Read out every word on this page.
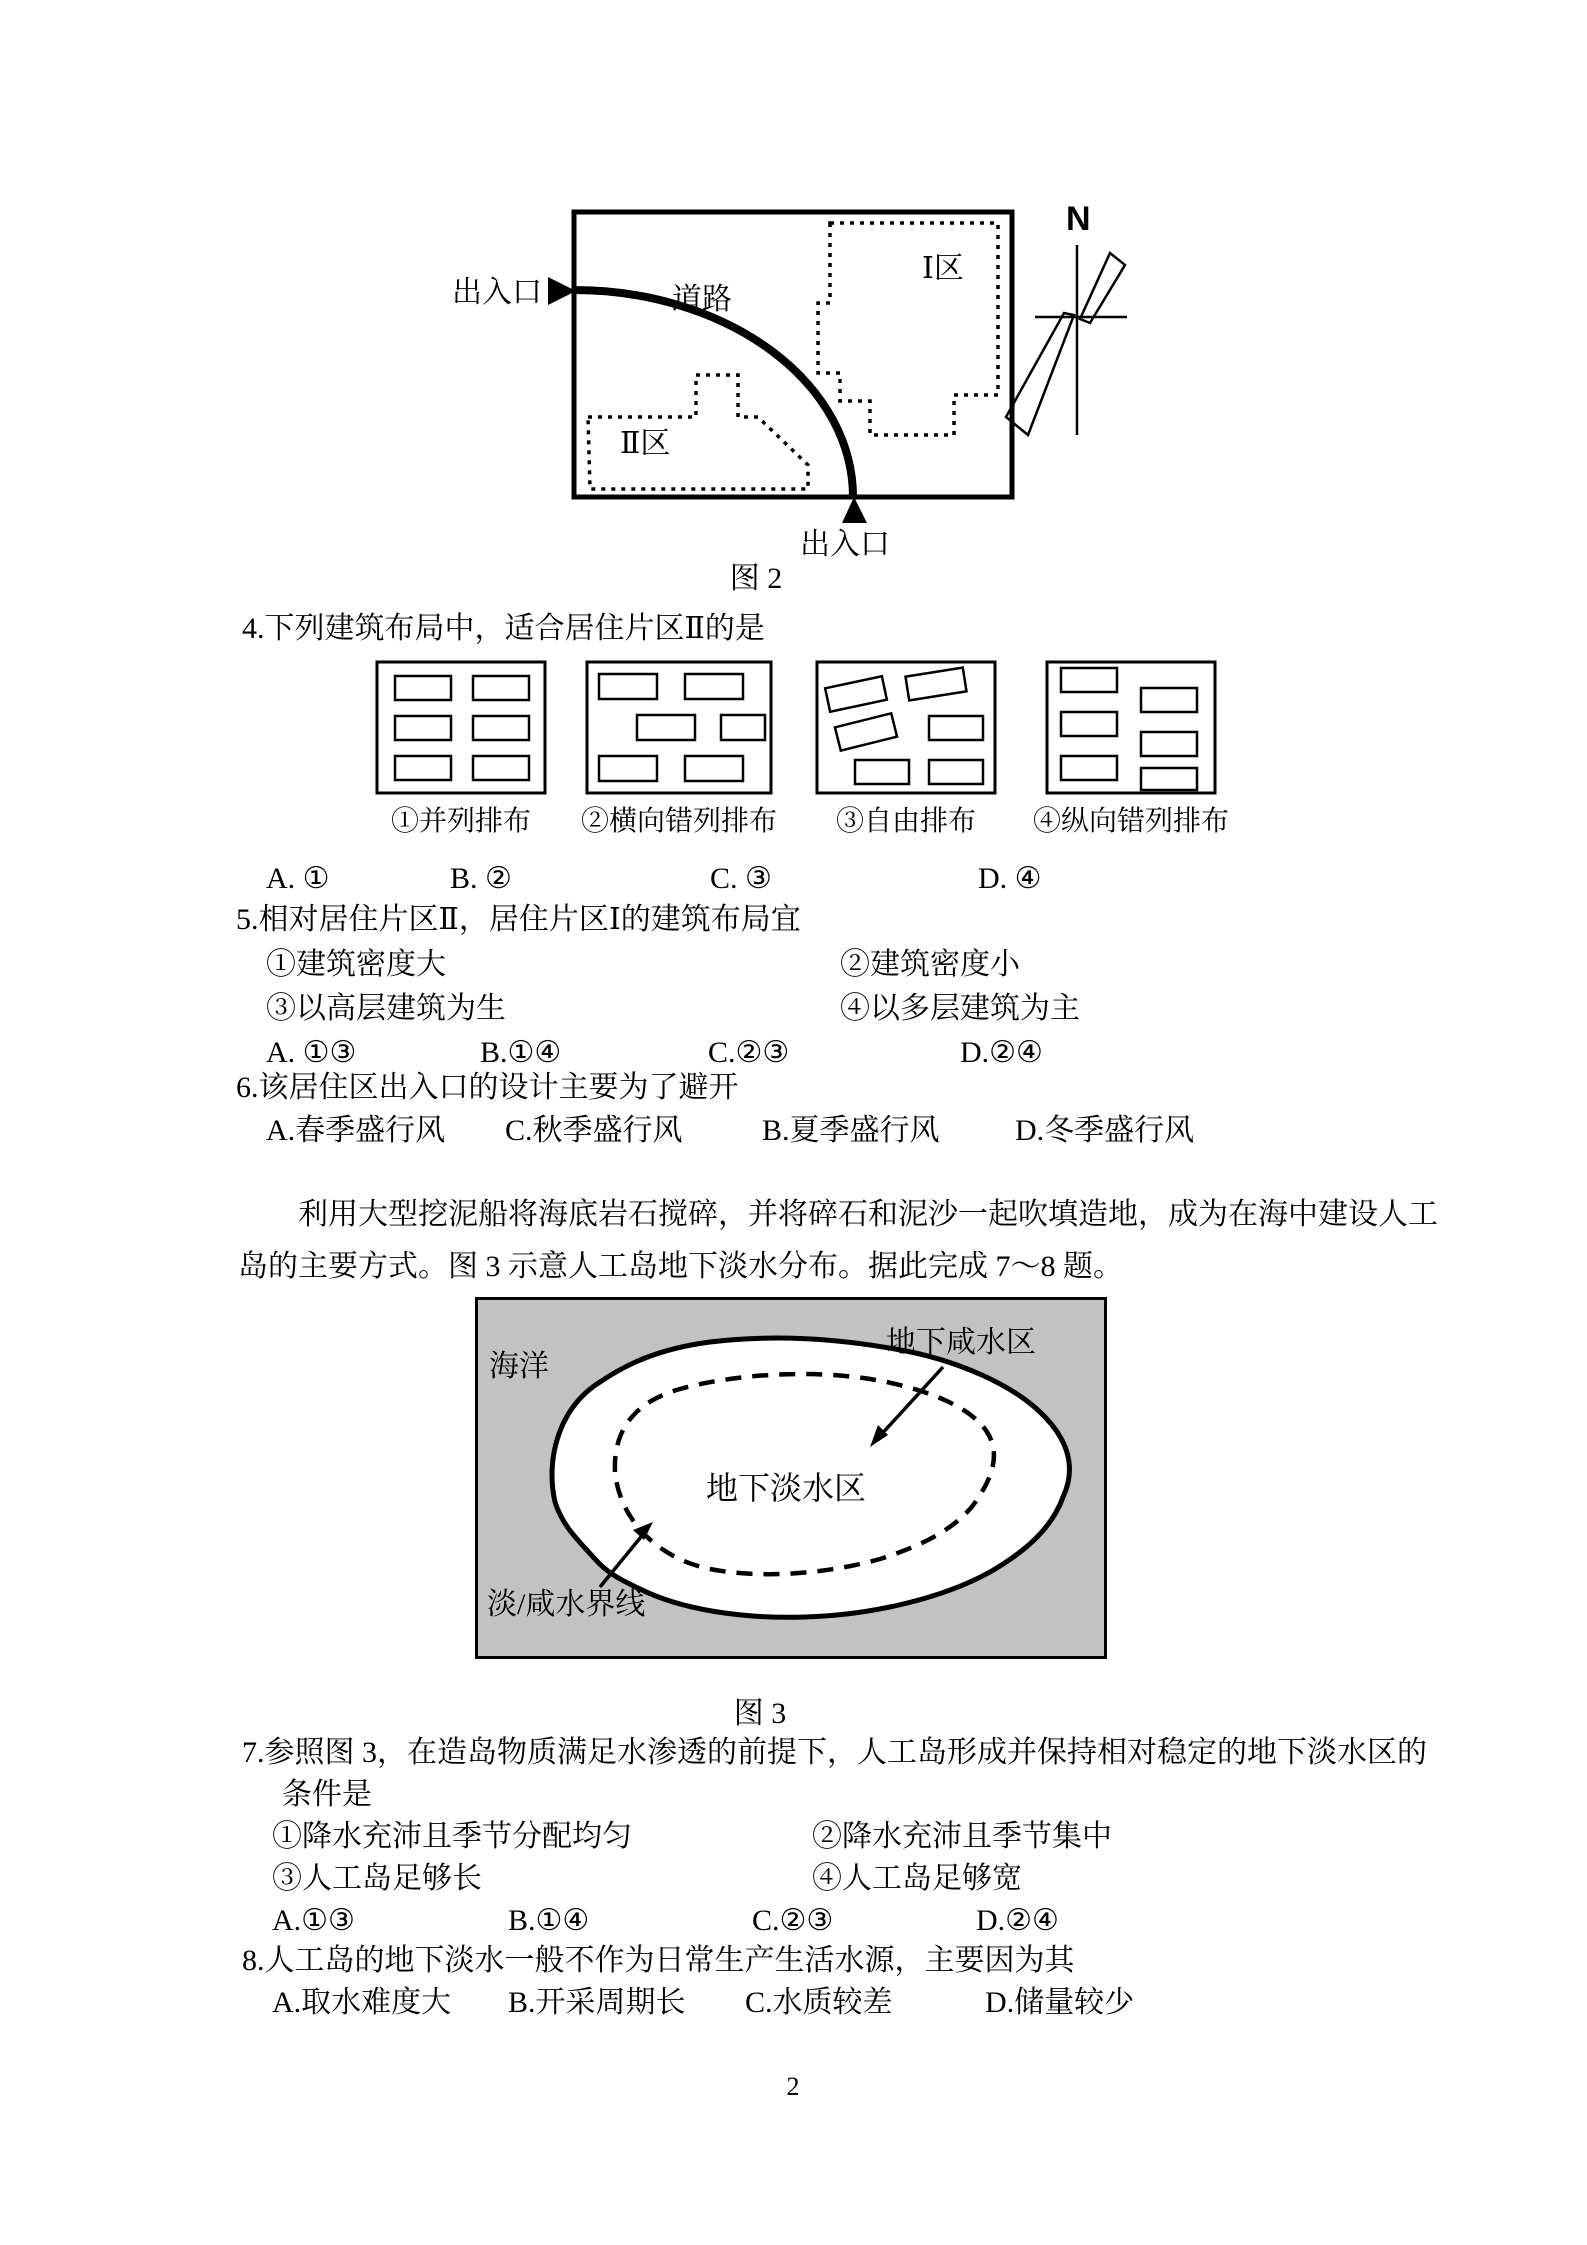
出入口	道路
Ⅰ区
Ⅱ区
N
出入口
图 2
4.下列建筑布局中，适合居住片区Ⅱ的是
①并列排布	②横向错列排布	③自由排布	④纵向错列排布
A. ①	B. ②	C. ③	D. ④
5.相对居住片区Ⅱ，居住片区Ⅰ的建筑布局宜
①建筑密度大	②建筑密度小
③以高层建筑为生	④以多层建筑为主
A. ①③	B.①④	C.②③	D.②④
6.该居住区出入口的设计主要为了避开
A.春季盛行风 C.秋季盛行风	B.夏季盛行风	D.冬季盛行风
利用大型挖泥船将海底岩石搅碎，并将碎石和泥沙一起吹填造地，成为在海中建设人工
岛的主要方式。图 3 示意人工岛地下淡水分布。据此完成 7～8 题。
海洋
地下咸水区
地下淡水区
淡/咸水界线
图 3
7.参照图 3，在造岛物质满足水渗透的前提下，人工岛形成并保持相对稳定的地下淡水区的
条件是
①降水充沛且季节分配均匀	②降水充沛且季节集中
③人工岛足够长	④人工岛足够宽
A.①③	B.①④	C.②③	D.②④
8.人工岛的地下淡水一般不作为日常生产生活水源，主要因为其
A.取水难度大 B.开采周期长 C.水质较差	D.储量较少
2
